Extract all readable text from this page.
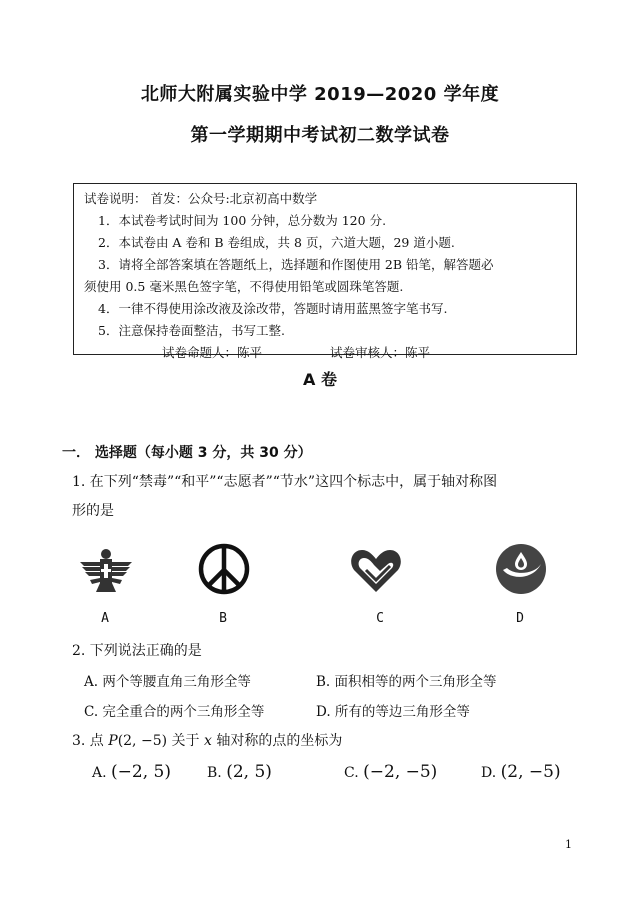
北师大附属实验中学 2019—2020 学年度
第一学期期中考试初二数学试卷
试卷说明： 首发：公众号:北京初高中数学
1．本试卷考试时间为 100 分钟，总分数为 120 分.
2．本试卷由 A 卷和 B 卷组成，共 8 页，六道大题，29 道小题.
3．请将全部答案填在答题纸上，选择题和作图使用 2B 铅笔，解答题必
须使用 0.5 毫米黑色签字笔，不得使用铅笔或圆珠笔答题.
4．一律不得使用涂改液及涂改带，答题时请用蓝黑签字笔书写.
5．注意保持卷面整洁，书写工整.
试卷命题人：陈平	试卷审核人：陈平
A 卷
一． 选择题（每小题 3 分，共 30 分）
1. 在下列“禁毒”“和平”“志愿者”“节水”这四个标志中，属于轴对称图
形的是
A	B	C	D
2. 下列说法正确的是
A. 两个等腰直角三角形全等	B. 面积相等的两个三角形全等
C. 完全重合的两个三角形全等	D. 所有的等边三角形全等
3. 点 P(2, −5) 关于 x 轴对称的点的坐标为
A. (−2, 5)	B. (2, 5)	C. (−2, −5)	D. (2, −5)
1
